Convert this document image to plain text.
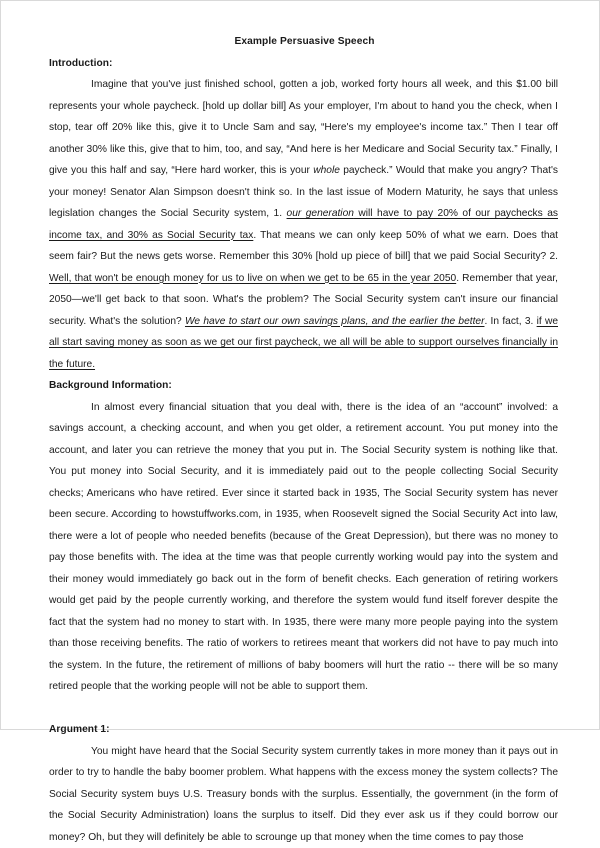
Example Persuasive Speech
Introduction:

Imagine that you've just finished school, gotten a job, worked forty hours all week, and this $1.00 bill represents your whole paycheck. [hold up dollar bill] As your employer, I'm about to hand you the check, when I stop, tear off 20% like this, give it to Uncle Sam and say, “Here's my employee's income tax.” Then I tear off another 30% like this, give that to him, too, and say, “And here is her Medicare and Social Security tax.” Finally, I give you this half and say, “Here hard worker, this is your whole paycheck.” Would that make you angry? That's your money! Senator Alan Simpson doesn't think so. In the last issue of Modern Maturity, he says that unless legislation changes the Social Security system, 1. our generation will have to pay 20% of our paychecks as income tax, and 30% as Social Security tax. That means we can only keep 50% of what we earn. Does that seem fair? But the news gets worse. Remember this 30% [hold up piece of bill] that we paid Social Security? 2. Well, that won't be enough money for us to live on when we get to be 65 in the year 2050. Remember that year, 2050—we'll get back to that soon. What's the problem? The Social Security system can't insure our financial security. What's the solution? We have to start our own savings plans, and the earlier the better. In fact, 3. if we all start saving money as soon as we get our first paycheck, we all will be able to support ourselves financially in the future.

Background Information:

In almost every financial situation that you deal with, there is the idea of an “account” involved: a savings account, a checking account, and when you get older, a retirement account. You put money into the account, and later you can retrieve the money that you put in. The Social Security system is nothing like that. You put money into Social Security, and it is immediately paid out to the people collecting Social Security checks; Americans who have retired. Ever since it started back in 1935, The Social Security system has never been secure. According to howstuffworks.com, in 1935, when Roosevelt signed the Social Security Act into law, there were a lot of people who needed benefits (because of the Great Depression), but there was no money to pay those benefits with. The idea at the time was that people currently working would pay into the system and their money would immediately go back out in the form of benefit checks. Each generation of retiring workers would get paid by the people currently working, and therefore the system would fund itself forever despite the fact that the system had no money to start with. In 1935, there were many more people paying into the system than those receiving benefits. The ratio of workers to retirees meant that workers did not have to pay much into the system. In the future, the retirement of millions of baby boomers will hurt the ratio -- there will be so many retired people that the working people will not be able to support them.

Argument 1:

You might have heard that the Social Security system currently takes in more money than it pays out in order to try to handle the baby boomer problem. What happens with the excess money the system collects? The Social Security system buys U.S. Treasury bonds with the surplus. Essentially, the government (in the form of the Social Security Administration) loans the surplus to itself. Did they ever ask us if they could borrow our money? Oh, but they will definitely be able to scrounge up that money when the time comes to pay those
